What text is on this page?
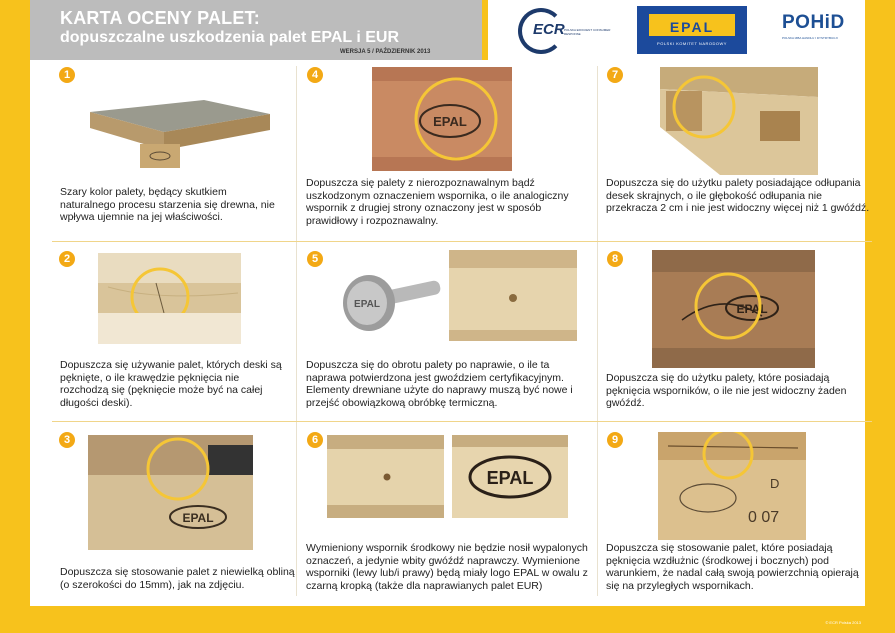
KARTA OCENY PALET:
dopuszczalne uszkodzenia palet EPAL i EUR
WERSJA 5 / PAŹDZIERNIK 2013
ECR POLSKA EFFICIENT CONSUMER RESPONSE	EPAL
POLSKI KOMITET NARODOWY
POHiD
POLSKA IZBA HANDLU I DYSTRYBUCJI
1
Szary kolor palety, będący skutkiem naturalnego procesu starzenia się drewna, nie wpływa ujemnie na jej właściwości.
2
Dopuszcza się używanie palet, których deski są pęknięte, o ile krawędzie pęknięcia nie rozchodzą się (pęknięcie może być na całej długości deski).
3
EPAL
Dopuszcza się stosowanie palet z niewielką obliną (o szerokości do 15mm), jak na zdjęciu.
4
EPAL
Dopuszcza się palety z nierozpoznawalnym bądź uszkodzonym oznaczeniem wspornika, o ile analogiczny wspornik z drugiej strony oznaczony jest w sposób prawidłowy i rozpoznawalny.
5
EPAL
Dopuszcza się do obrotu palety po naprawie, o ile ta naprawa potwierdzona jest gwoździem certyfikacyjnym. Elementy drewniane użyte do naprawy muszą być nowe i przejść obowiązkową obróbkę termiczną.
6
EPAL
Wymieniony wspornik środkowy nie będzie nosił wypalonych oznaczeń, a jedynie wbity gwóźdź naprawczy. Wymienione wsporniki (lewy lub/i prawy) będą miały logo EPAL w owalu z czarną kropką (także dla naprawianych palet EUR)
7
Dopuszcza się do użytku palety posiadające odłupania desek skrajnych, o ile głębokość odłupania nie przekracza 2 cm i nie jest widoczny więcej niż 1 gwóźdź.
8
EPAL
Dopuszcza się do użytku palety, które posiadają pęknięcia wsporników, o ile nie jest widoczny żaden gwóźdź.
9
D
0 07
Dopuszcza się stosowanie palet, które posiadają pęknięcia wzdłużnic (środkowej i bocznych) pod warunkiem, że nadal całą swoją powierzchnią opierają się na przyległych wspornikach.
© ECR Polska 2013
